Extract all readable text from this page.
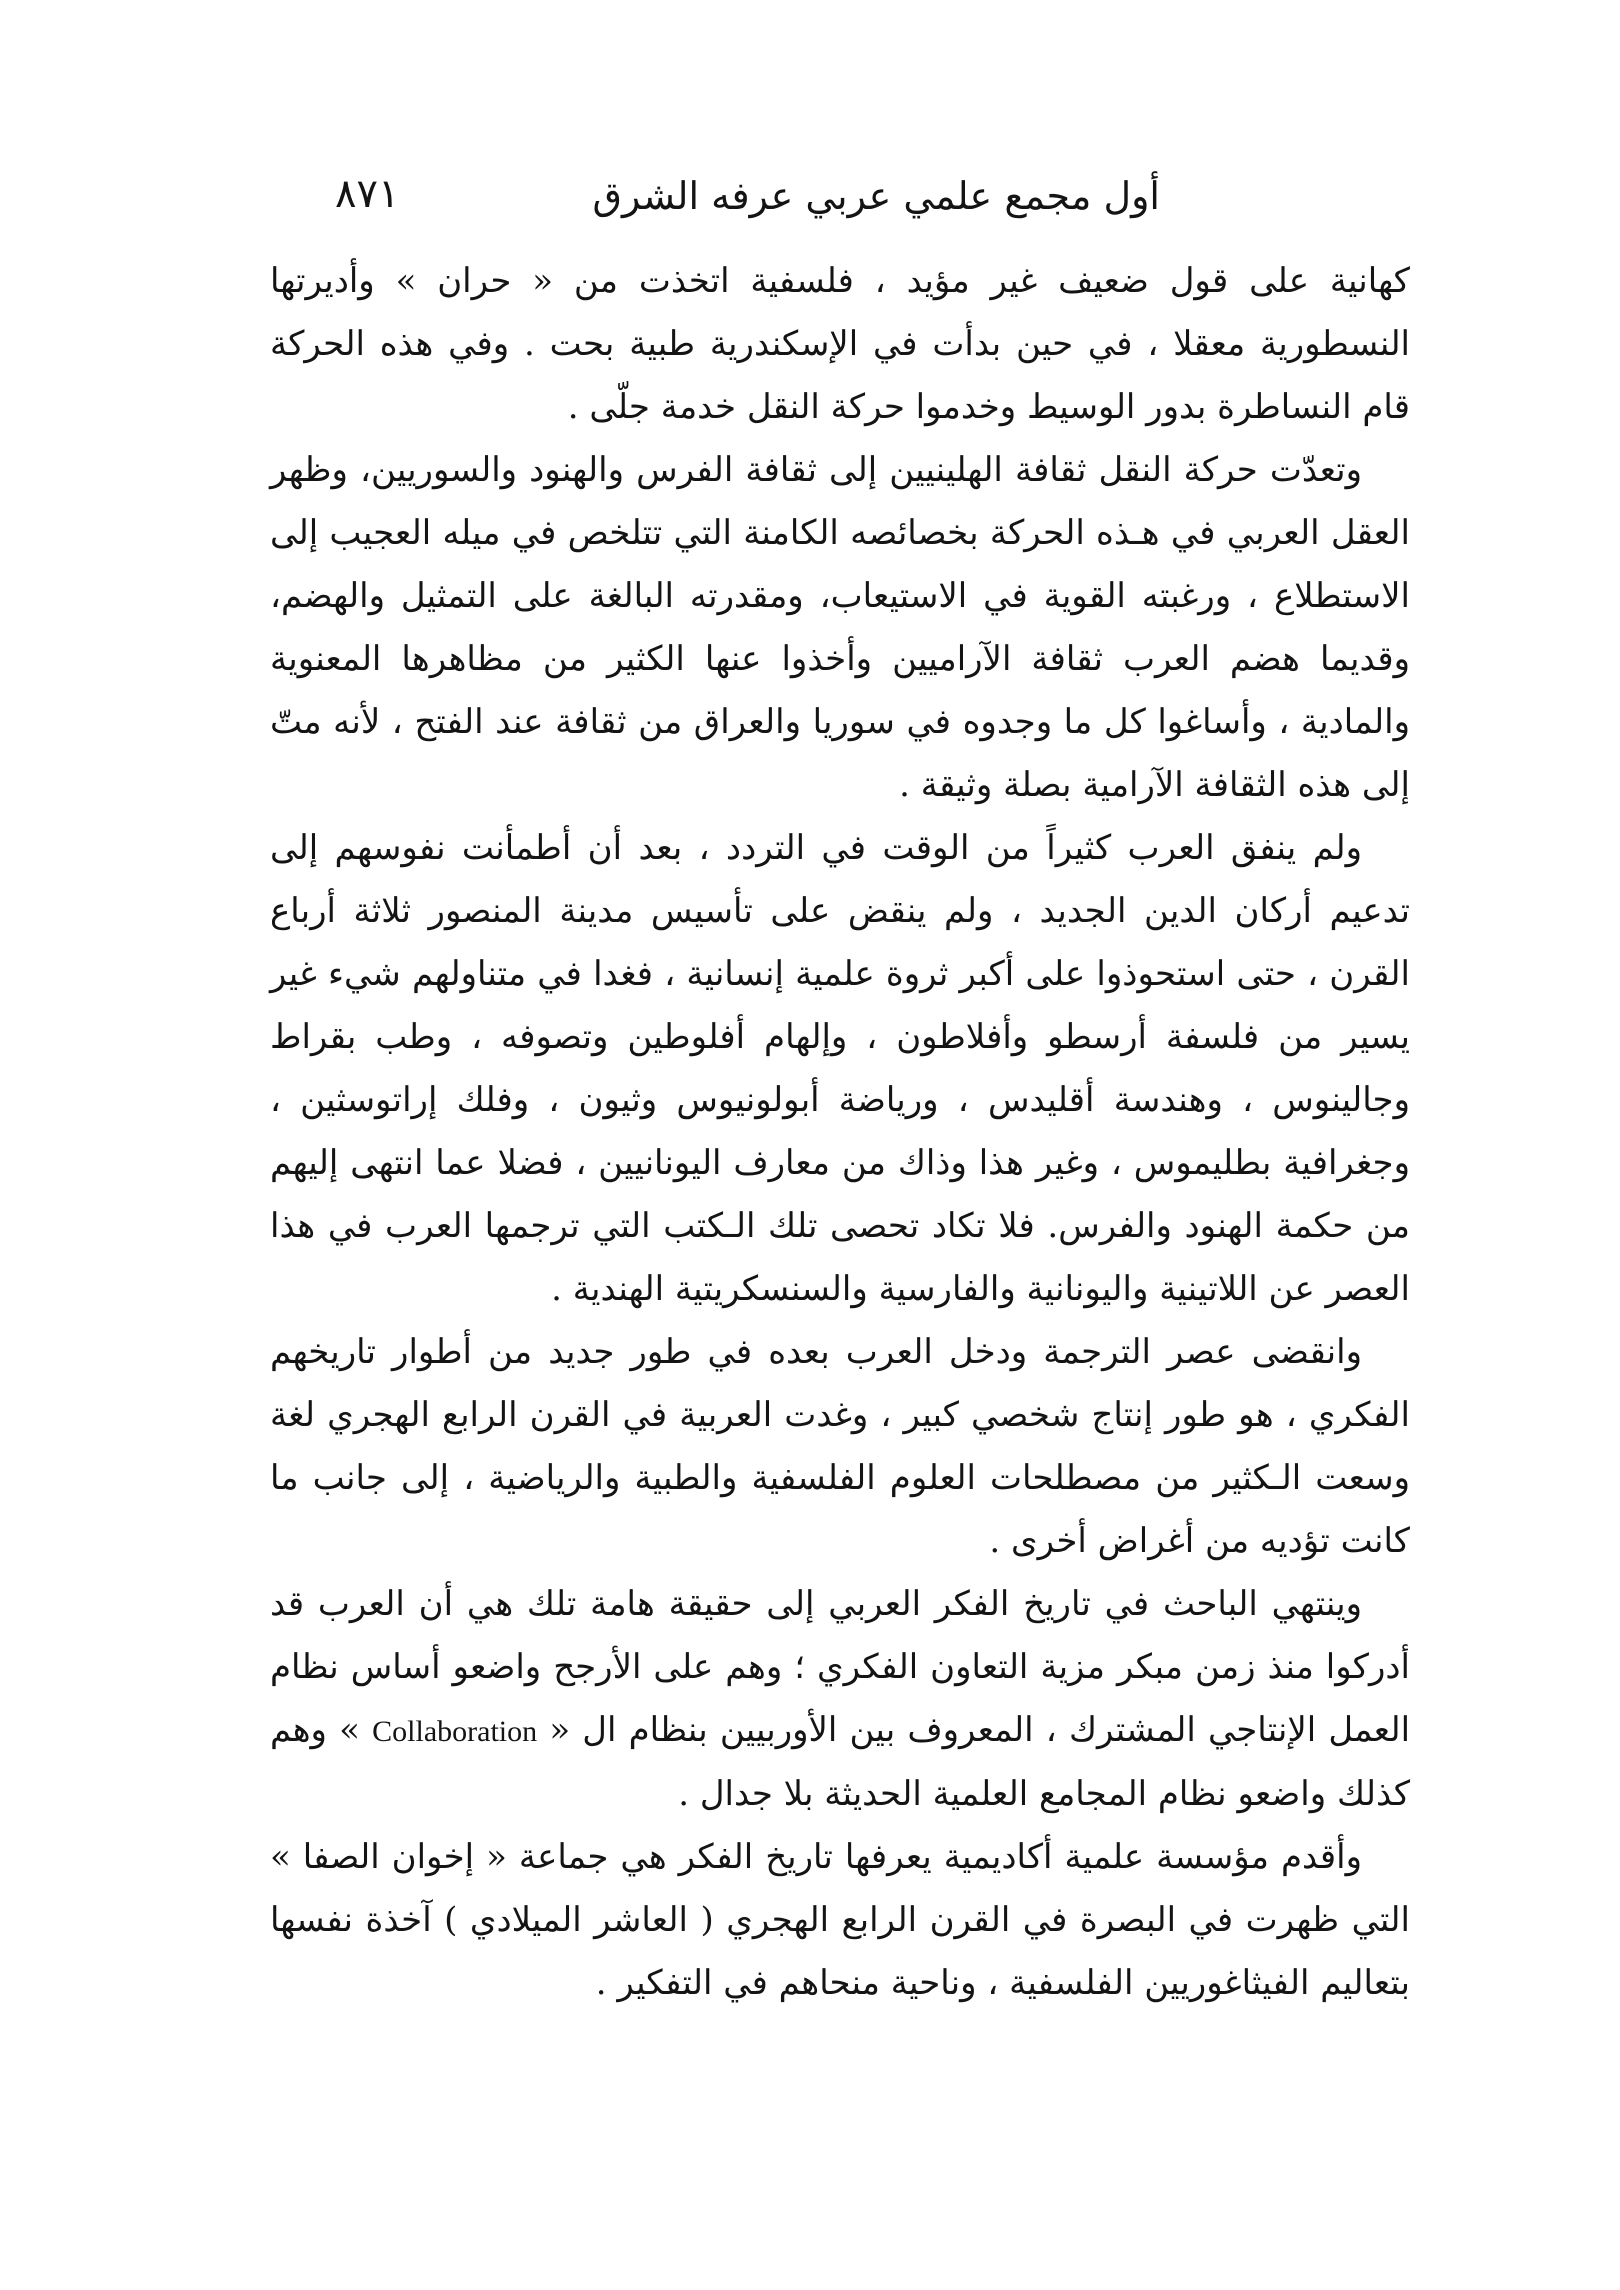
أول مجمع علمي عربي عرفه الشرق
٨٧١

كهانية على قول ضعيف غير مؤيد ، فلسفية اتخذت من « حران » وأديرتها النسطورية معقلا ، في حين بدأت في الإسكندرية طبية بحت . وفي هذه الحركة قام النساطرة بدور الوسيط وخدموا حركة النقل خدمة جلّى .

وتعدّت حركة النقل ثقافة الهلينيين إلى ثقافة الفرس والهنود والسوريين، وظهر العقل العربي في هـذه الحركة بخصائصه الكامنة التي تتلخص في ميله العجيب إلى الاستطلاع ، ورغبته القوية في الاستيعاب، ومقدرته البالغة على التمثيل والهضم، وقديما هضم العرب ثقافة الآراميين وأخذوا عنها الكثير من مظاهرها المعنوية والمادية ، وأساغوا كل ما وجدوه في سوريا والعراق من ثقافة عند الفتح ، لأنه متّ إلى هذه الثقافة الآرامية بصلة وثيقة .

ولم ينفق العرب كثيراً من الوقت في التردد ، بعد أن أطمأنت نفوسهم إلى تدعيم أركان الدين الجديد ، ولم ينقض على تأسيس مدينة المنصور ثلاثة أرباع القرن ، حتى استحوذوا على أكبر ثروة علمية إنسانية ، فغدا في متناولهم شيء غير يسير من فلسفة أرسطو وأفلاطون ، وإلهام أفلوطين وتصوفه ، وطب بقراط وجالينوس ، وهندسة أقليدس ، ورياضة أبولونيوس وثيون ، وفلك إراتوسثين ، وجغرافية بطليموس ، وغير هذا وذاك من معارف اليونانيين ، فضلا عما انتهى إليهم من حكمة الهنود والفرس. فلا تكاد تحصى تلك الـكتب التي ترجمها العرب في هذا العصر عن اللاتينية واليونانية والفارسية والسنسكريتية الهندية .

وانقضى عصر الترجمة ودخل العرب بعده في طور جديد من أطوار تاريخهم الفكري ، هو طور إنتاج شخصي كبير ، وغدت العربية في القرن الرابع الهجري لغة وسعت الـكثير من مصطلحات العلوم الفلسفية والطبية والرياضية ، إلى جانب ما كانت تؤديه من أغراض أخرى .

وينتهي الباحث في تاريخ الفكر العربي إلى حقيقة هامة تلك هي أن العرب قد أدركوا منذ زمن مبكر مزية التعاون الفكري ؛ وهم على الأرجح واضعو أساس نظام العمل الإنتاجي المشترك ، المعروف بين الأوربيين بنظام ال « Collaboration » وهم كذلك واضعو نظام المجامع العلمية الحديثة بلا جدال .

وأقدم مؤسسة علمية أكاديمية يعرفها تاريخ الفكر هي جماعة « إخوان الصفا » التي ظهرت في البصرة في القرن الرابع الهجري ( العاشر الميلادي ) آخذة نفسها بتعاليم الفيثاغوريين الفلسفية ، وناحية منحاهم في التفكير .
